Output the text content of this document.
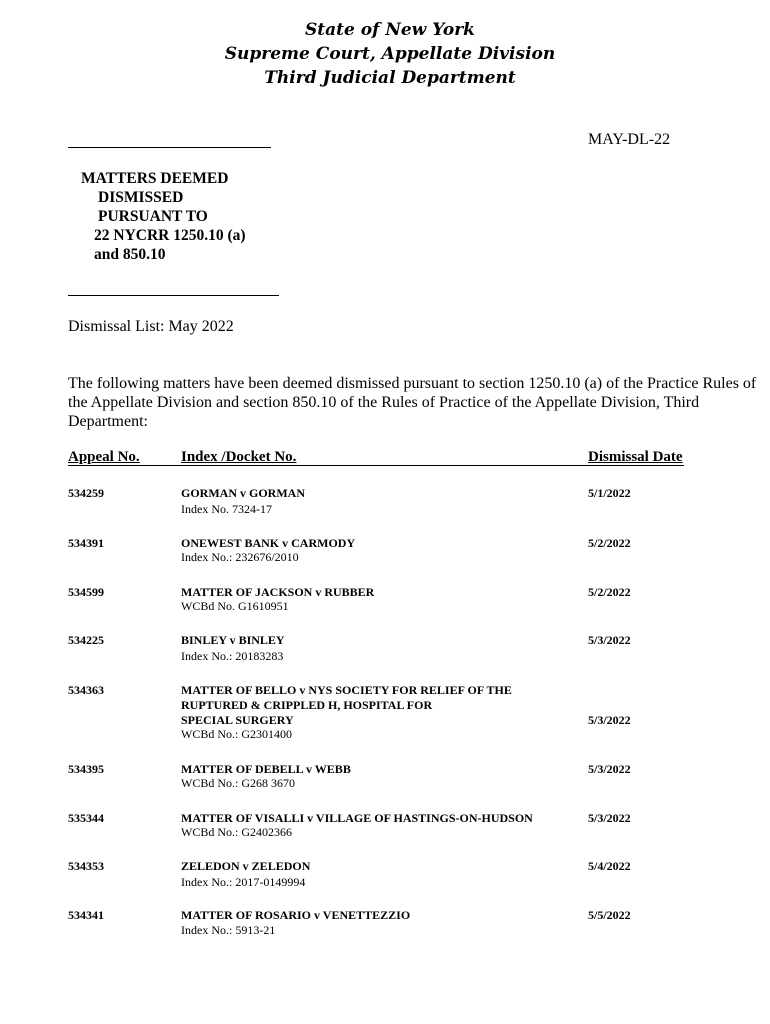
State of New York
Supreme Court, Appellate Division
Third Judicial Department
MAY-DL-22
MATTERS DEEMED
DISMISSED
PURSUANT TO
22 NYCRR 1250.10 (a)
and 850.10
Dismissal List: May 2022
The following matters have been deemed dismissed pursuant to section 1250.10 (a) of the Practice Rules of the Appellate Division and section 850.10 of the Rules of Practice of the Appellate Division, Third Department:
Appeal No.	Index /Docket No.	Dismissal Date
534259	GORMAN v GORMAN
Index No. 7324-17
5/1/2022
534391	ONEWEST BANK v CARMODY
Index No.: 232676/2010
5/2/2022
534599	MATTER OF JACKSON v RUBBER
WCBd No. G1610951
5/2/2022
534225	BINLEY v BINLEY
Index No.: 20183283
5/3/2022
534363	MATTER OF BELLO v NYS SOCIETY FOR RELIEF OF THE
RUPTURED & CRIPPLED H, HOSPITAL FOR
SPECIAL SURGERY
WCBd No.: G2301400
5/3/2022
534395	MATTER OF DEBELL v WEBB
WCBd No.: G268 3670
5/3/2022
535344	MATTER OF VISALLI v VILLAGE OF HASTINGS-ON-HUDSON
WCBd No.: G2402366
5/3/2022
534353	ZELEDON v ZELEDON
Index No.: 2017-0149994
5/4/2022
534341	MATTER OF ROSARIO v VENETTEZZIO
Index No.: 5913-21
5/5/2022
